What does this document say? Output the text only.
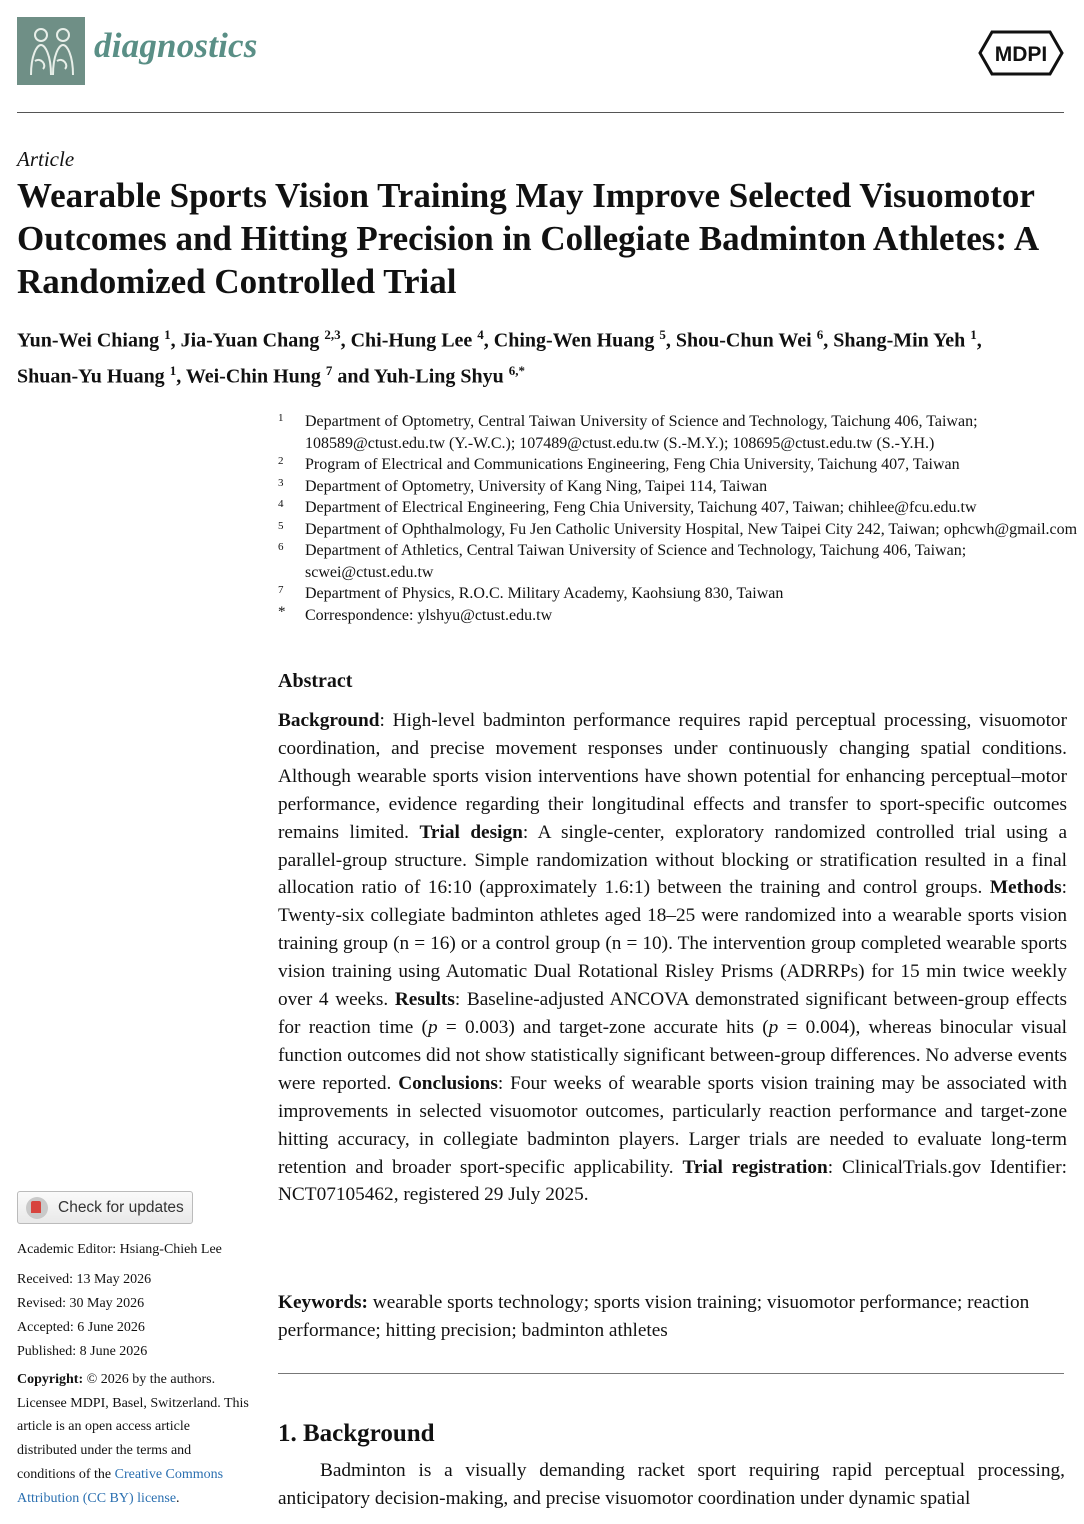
diagnostics	MDPI
Article
Wearable Sports Vision Training May Improve Selected Visuomotor Outcomes and Hitting Precision in Collegiate Badminton Athletes: A Randomized Controlled Trial
Yun-Wei Chiang $^1$, Jia-Yuan Chang $^{2,3}$, Chi-Hung Lee $^4$, Ching-Wen Huang $^5$, Shou-Chun Wei $^6$, Shang-Min Yeh $^1$,
Shuan-Yu Huang $^1$, Wei-Chin Hung $^7$ and Yuh-Ling Shyu $^{6,*}$
1	Department of Optometry, Central Taiwan University of Science and Technology, Taichung 406, Taiwan; 108589@ctust.edu.tw (Y.-W.C.); 107489@ctust.edu.tw (S.-M.Y.); 108695@ctust.edu.tw (S.-Y.H.)
2	Program of Electrical and Communications Engineering, Feng Chia University, Taichung 407, Taiwan
3	Department of Optometry, University of Kang Ning, Taipei 114, Taiwan
4	Department of Electrical Engineering, Feng Chia University, Taichung 407, Taiwan; chihlee@fcu.edu.tw
5	Department of Ophthalmology, Fu Jen Catholic University Hospital, New Taipei City 242, Taiwan; ophcwh@gmail.com
6	Department of Athletics, Central Taiwan University of Science and Technology, Taichung 406, Taiwan; scwei@ctust.edu.tw
7	Department of Physics, R.O.C. Military Academy, Kaohsiung 830, Taiwan
*	Correspondence: ylshyu@ctust.edu.tw
Abstract
Background: High-level badminton performance requires rapid perceptual processing, visuomotor coordination, and precise movement responses under continuously changing spatial conditions. Although wearable sports vision interventions have shown potential for enhancing perceptual–motor performance, evidence regarding their longitudinal effects and transfer to sport-specific outcomes remains limited. Trial design: A single-center, exploratory randomized controlled trial using a parallel-group structure. Simple randomization without blocking or stratification resulted in a final allocation ratio of 16:10 (approximately 1.6:1) between the training and control groups. Methods: Twenty-six collegiate badminton athletes aged 18–25 were randomized into a wearable sports vision training group (n = 16) or a control group (n = 10). The intervention group completed wearable sports vision training using Automatic Dual Rotational Risley Prisms (ADRRPs) for 15 min twice weekly over 4 weeks. Results: Baseline-adjusted ANCOVA demonstrated significant between-group effects for reaction time (p = 0.003) and target-zone accurate hits (p = 0.004), whereas binocular visual function outcomes did not show statistically significant between-group differences. No adverse events were reported. Conclusions: Four weeks of wearable sports vision training may be associated with improvements in selected visuomotor outcomes, particularly reaction performance and target-zone hitting accuracy, in collegiate badminton players. Larger trials are needed to evaluate long-term retention and broader sport-specific applicability. Trial registration: ClinicalTrials.gov Identifier: NCT07105462, registered 29 July 2025.
Keywords: wearable sports technology; sports vision training; visuomotor performance; reaction performance; hitting precision; badminton athletes
1. Background
Badminton is a visually demanding racket sport requiring rapid perceptual processing, anticipatory decision-making, and precise visuomotor coordination under dynamic spatial
Check for updates
Academic Editor: Hsiang-Chieh Lee
Received: 13 May 2026
Revised: 30 May 2026
Accepted: 6 June 2026
Published: 8 June 2026
Copyright: © 2026 by the authors. Licensee MDPI, Basel, Switzerland. This article is an open access article distributed under the terms and conditions of the Creative Commons Attribution (CC BY) license.
